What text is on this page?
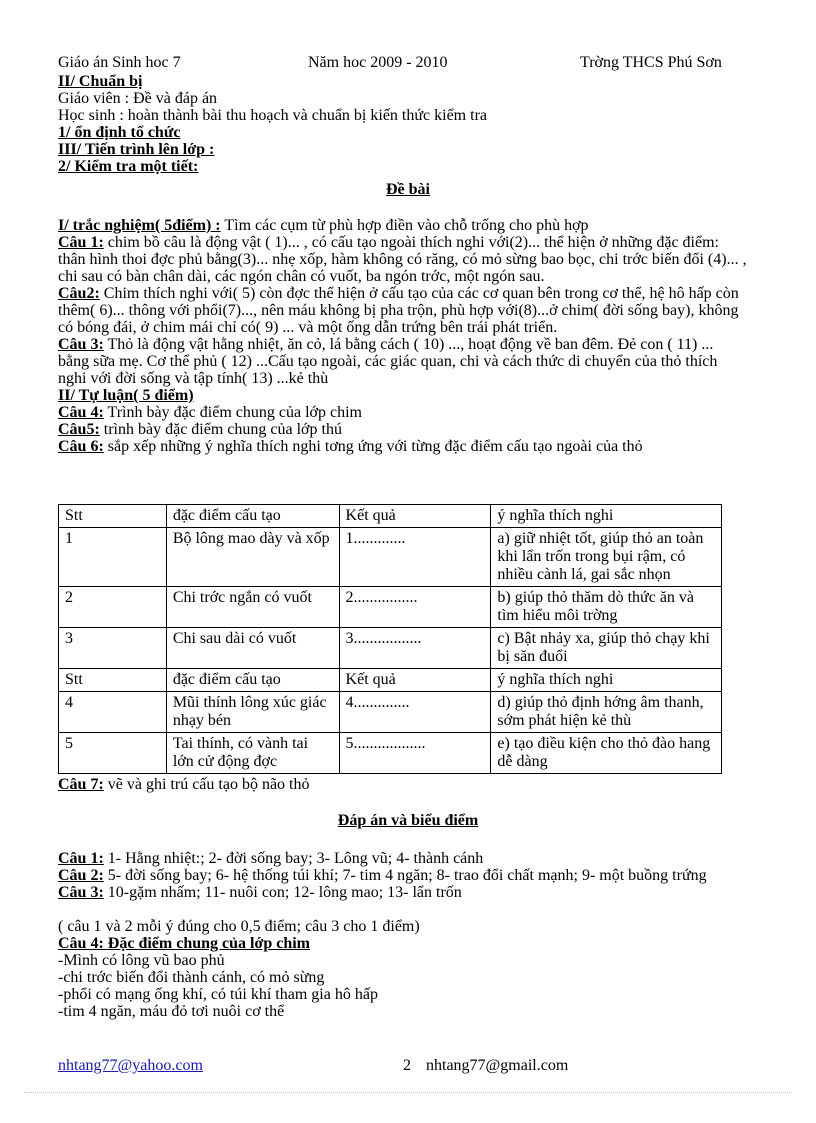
Giáo án Sinh hoc 7	Năm hoc 2009 - 2010	Trờng THCS Phú Sơn

II/ Chuẩn bị

Giáo viên : Đề và đáp án

Học sinh : hoàn thành bài thu hoạch và chuẩn bị kiến thức kiểm tra

1/ ổn định tổ chức

III/ Tiến trình lên lớp :

2/ Kiểm tra một tiết:

Đề bài

I/ trắc nghiệm( 5điểm) : Tìm các cụm từ phù hợp điền vào chỗ trống cho phù hợp

Câu 1: chim bồ câu là động vật ( 1)... , có cấu tạo ngoài thích nghi với(2)... thể hiện ở những đặc điểm: thân hình thoi đợc phủ bằng(3)... nhẹ xốp, hàm không có răng, có mỏ sừng bao bọc, chi trớc biến đổi (4)... , chi sau có bàn chân dài, các ngón chân có vuốt, ba ngón trớc, một ngón sau.

Câu2: Chim thích nghi với( 5) còn đợc thể hiện ở cấu tạo của các cơ quan bên trong cơ thể, hệ hô hấp còn thêm( 6)... thông với phổi(7)..., nên máu không bị pha trộn, phù hợp với(8)...ở chim( đời sống bay), không có bóng đái, ở chim mái chỉ có( 9) ... và một ống dẫn trứng bên trái phát triển.

Câu 3: Thỏ là động vật hằng nhiệt, ăn cỏ, lá bằng cách ( 10) ..., hoạt động về ban đêm. Đẻ con ( 11) ... bằng sữa mẹ. Cơ thể phủ ( 12) ...Cấu tạo ngoài, các giác quan, chi và cách thức di chuyển của thỏ thích nghi với đời sống và tập tính( 13) ...kẻ thù

II/ Tự luận( 5 điểm)

Câu 4: Trình bày đặc điểm chung của lớp chim

Câu5: trình bày đặc điểm chung của lớp thú

Câu 6: sắp xếp những ý nghĩa thích nghi tơng ứng với từng đặc điểm cấu tạo ngoài của thỏ

Stt	đặc điểm cấu tạo	Kết quả	ý nghĩa thích nghi
1	Bộ lông mao dày và xốp	1.............	a) giữ nhiệt tốt, giúp thỏ an toàn khi lẩn trốn trong bụi rậm, có nhiều cành lá, gai sắc nhọn
2	Chi trớc ngắn có vuốt	2................	b) giúp thỏ thăm dò thức ăn và tìm hiểu môi trờng
3	Chi sau dài có vuốt	3.................	c) Bật nhảy xa, giúp thỏ chạy khi bị săn đuổi
Stt	đặc điểm cấu tạo	Kết quả	ý nghĩa thích nghi
4	Mũi thính lông xúc giác nhạy bén	4..............	d) giúp thỏ định hớng âm thanh, sớm phát hiện kẻ thù
5	Tai thính, có vành tai lớn cử động đợc	5..................	e) tạo điều kiện cho thỏ đào hang dễ dàng
Câu 7: vẽ và ghi trú cấu tạo bộ não thỏ
Đáp án và biểu điểm

Câu 1: 1- Hằng nhiệt:; 2- đời sống bay; 3- Lông vũ; 4- thành cánh

Câu 2: 5- đời sống bay; 6- hệ thống túi khí; 7- tim 4 ngăn; 8- trao đổi chất mạnh; 9- một buồng trứng

Câu 3: 10-gặm nhấm; 11- nuôi con; 12- lông mao; 13- lẩn trốn

( câu 1 và 2 mỗi ý đúng cho 0,5 điểm; câu 3 cho 1 điểm)

Câu 4: Đặc điểm chung của lớp chim

-Mình có lông vũ bao phủ

-chi trớc biến đổi thành cánh, có mỏ sừng

-phổi có mạng ống khí, có túi khí tham gia hô hấp

-tim 4 ngăn, máu đỏ tơi nuôi cơ thể

nhtang77@yahoo.com	2 nhtang77@gmail.com
